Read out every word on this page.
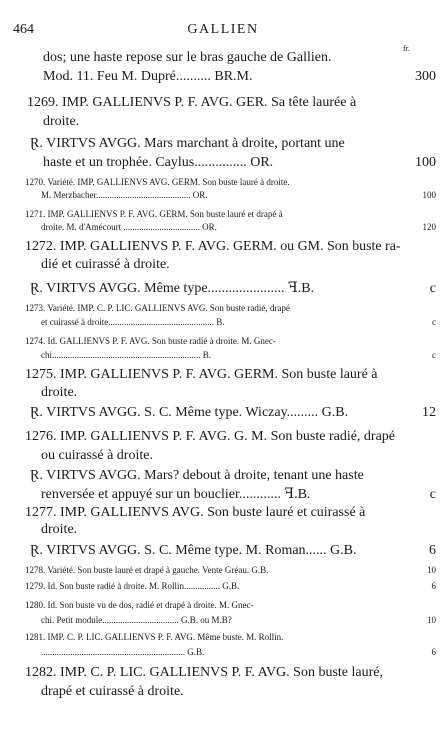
464	GALLIEN
fr.
dos; une haste repose sur le bras gauche de Gallien.
Mod. 11. Feu M. Dupré.......... BR.M.	300
1269. IMP. GALLIENVS P. F. AVG. GER. Sa tête laurée à
droite.
Ɽ. VIRTVS AVGG. Mars marchant à droite, portant une
haste et un trophée. Caylus............... OR.	100
1270. Variété. IMP. GALLIENVS AVG. GERM. Son buste lauré à droite.
M. Merzbacher.......................................... OR.	100
1271. IMP. GALLIENVS P. F. AVG. GERM. Son buste lauré et drapé à
droite. M. d'Amécourt .................................. OR.	120
1272. IMP. GALLIENVS P. F. AVG. GERM. ou GM. Son buste ra-
dié et cuirassé à droite.
Ɽ. VIRTVS AVGG. Même type...................... ꟻ.B.	c
1273. Variété. IMP. C. P. LIC. GALLIENVS AVG. Son buste radié, drapé
et cuirassé à droite............................................... B.	c
1274. Id. GALLIENVS P. F. AVG. Son buste radié à droite. M. Gnec-
chi.................................................................. B.	c
1275. IMP. GALLIENVS P. F. AVG. GERM. Son buste lauré à
droite.
Ɽ. VIRTVS AVGG. S. C. Même type. Wiczay......... G.B.	12
1276. IMP. GALLIENVS P. F. AVG. G. M. Son buste radié, drapé
ou cuirassé à droite.
Ɽ. VIRTVS AVGG. Mars? debout à droite, tenant une haste
renversée et appuyé sur un bouclier............ ꟻ.B.	c
1277. IMP. GALLIENVS AVG. Son buste lauré et cuirassé à
droite.
Ɽ. VIRTVS AVGG. S. C. Même type. M. Roman...... G.B.	6
1278. Variété. Son buste lauré et drapé à gauche. Vente Gréau. G.B.	10
1279. Id. Son buste radié à droite. M. Rollin................ G.B.	6
1280. Id. Son buste vu de dos, radié et drapé à droite. M. Gnec-
chi. Petit module.................................. G.B. ou M.B?	10
1281. IMP. C. P. LIC. GALLIENVS P. F. AVG. Même buste. M. Rollin.
................................................................ G.B.	6
1282. IMP. C. P. LIC. GALLIENVS P. F. AVG. Son buste lauré,
drapé et cuirassé à droite.
